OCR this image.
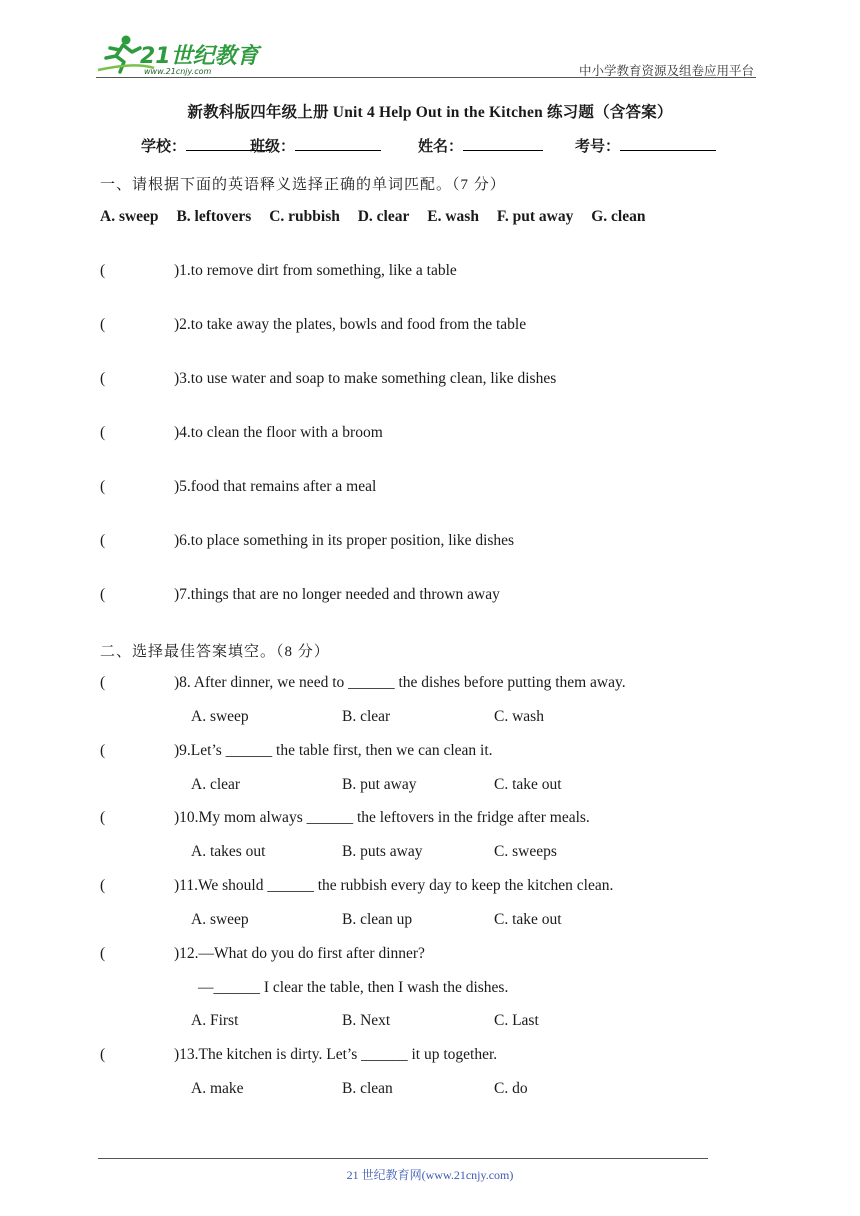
21世纪教育
www.21cnjy.com	中小学教育资源及组卷应用平台
新教科版四年级上册 Unit 4 Help Out in the Kitchen 练习题（含答案）
学校：	班级：	姓名：	考号：
一、请根据下面的英语释义选择正确的单词匹配。（7 分）
A. sweep B. leftovers C. rubbish D. clear E. wash F. put away G. clean
(	)1.to remove dirt from something, like a table
(	)2.to take away the plates, bowls and food from the table
(	)3.to use water and soap to make something clean, like dishes
(	)4.to clean the floor with a broom
(	)5.food that remains after a meal
(	)6.to place something in its proper position, like dishes
(	)7.things that are no longer needed and thrown away
二、选择最佳答案填空。（8 分）
(	)8. After dinner, we need to ______ the dishes before putting them away.
A. sweep	B. clear	C. wash
(	)9.Let’s ______ the table first, then we can clean it.
A. clear	B. put away	C. take out
(	)10.My mom always ______ the leftovers in the fridge after meals.
A. takes out	B. puts away	C. sweeps
(	)11.We should ______ the rubbish every day to keep the kitchen clean.
A. sweep	B. clean up	C. take out
(	)12.—What do you do first after dinner?
—______ I clear the table, then I wash the dishes.
A. First	B. Next	C. Last
(	)13.The kitchen is dirty. Let’s ______ it up together.
A. make	B. clean	C. do
21 世纪教育网(www.21cnjy.com)
